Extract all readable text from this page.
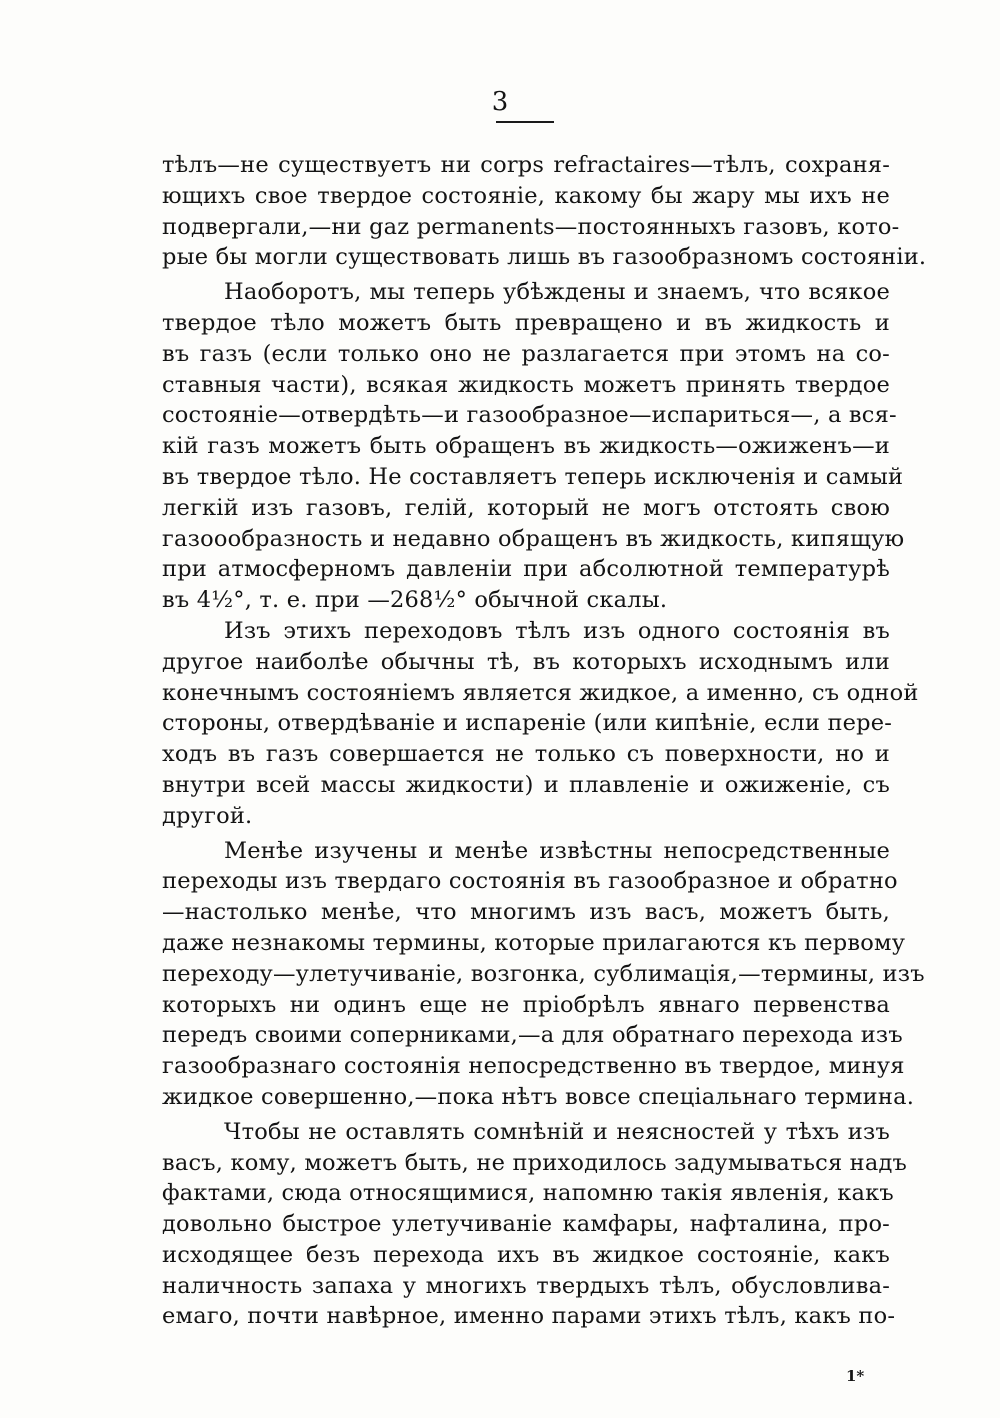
3
тѣлъ—не существуетъ ни corps refractaires—тѣлъ, сохраня-
ющихъ свое твердое состояніе, какому бы жару мы ихъ не
подвергали,—ни gaz permanents—постоянныхъ газовъ, кото-
рые бы могли существовать лишь въ газообразномъ состояніи.
Наоборотъ, мы теперь убѣждены и знаемъ, что всякое
твердое тѣло можетъ быть превращено и въ жидкость и
въ газъ (если только оно не разлагается при этомъ на со-
ставныя части), всякая жидкость можетъ принять твердое
состояніе—отвердѣть—и газообразное—испариться—, а вся-
кій газъ можетъ быть обращенъ въ жидкость—ожиженъ—и
въ твердое тѣло. Не составляетъ теперь исключенія и самый
легкій изъ газовъ, гелій, который не могъ отстоять свою
газоообразность и недавно обращенъ въ жидкость, кипящую
при атмосферномъ давленіи при абсолютной температурѣ
въ 4½°, т. е. при —268½° обычной скалы.
Изъ этихъ переходовъ тѣлъ изъ одного состоянія въ
другое наиболѣе обычны тѣ, въ которыхъ исходнымъ или
конечнымъ состояніемъ является жидкое, а именно, съ одной
стороны, отвердѣваніе и испареніе (или кипѣніе, если пере-
ходъ въ газъ совершается не только съ поверхности, но и
внутри всей массы жидкости) и плавленіе и ожиженіе, съ
другой.
Менѣе изучены и менѣе извѣстны непосредственные
переходы изъ твердаго состоянія въ газообразное и обратно
—настолько менѣе, что многимъ изъ васъ, можетъ быть,
даже незнакомы термины, которые прилагаются къ первому
переходу—улетучиваніе, возгонка, сублимація,—термины, изъ
которыхъ ни одинъ еще не пріобрѣлъ явнаго первенства
передъ своими соперниками,—а для обратнаго перехода изъ
газообразнаго состоянія непосредственно въ твердое, минуя
жидкое совершенно,—пока нѣтъ вовсе спеціальнаго термина.
Чтобы не оставлять сомнѣній и неясностей у тѣхъ изъ
васъ, кому, можетъ быть, не приходилось задумываться надъ
фактами, сюда относящимися, напомню такія явленія, какъ
довольно быстрое улетучиваніе камфары, нафталина, про-
исходящее безъ перехода ихъ въ жидкое состояніе, какъ
наличность запаха у многихъ твердыхъ тѣлъ, обусловлива-
емаго, почти навѣрное, именно парами этихъ тѣлъ, какъ по-
1*
